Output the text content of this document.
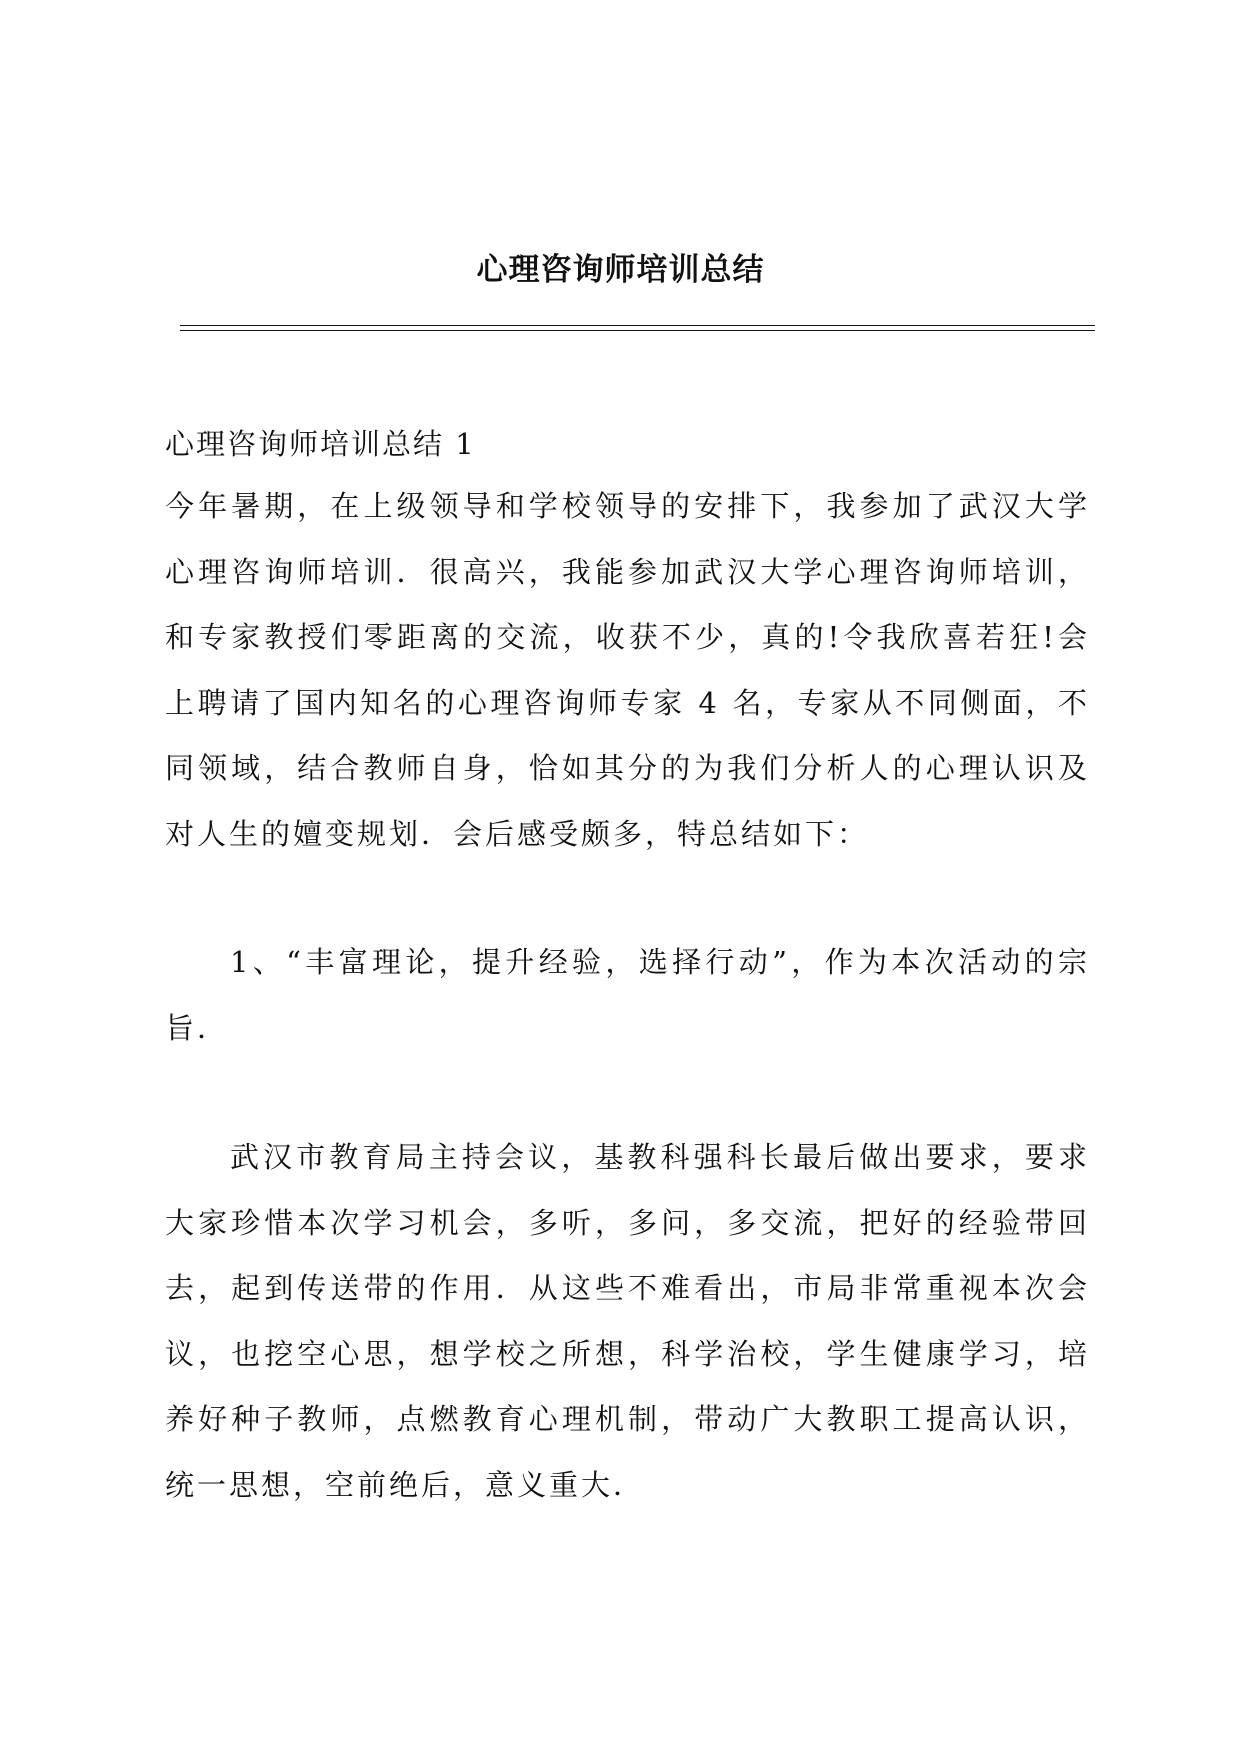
心理咨询师培训总结

心理咨询师培训总结 1

今年暑期，在上级领导和学校领导的安排下，我参加了武汉大学心理咨询师培训．很高兴，我能参加武汉大学心理咨询师培训，和专家教授们零距离的交流，收获不少，真的!令我欣喜若狂!会上聘请了国内知名的心理咨询师专家 4 名，专家从不同侧面，不同领域，结合教师自身，恰如其分的为我们分析人的心理认识及对人生的嬗变规划．会后感受颇多，特总结如下：

1、“丰富理论，提升经验，选择行动”，作为本次活动的宗旨．

武汉市教育局主持会议，基教科强科长最后做出要求，要求大家珍惜本次学习机会，多听，多问，多交流，把好的经验带回去，起到传送带的作用．从这些不难看出，市局非常重视本次会议，也挖空心思，想学校之所想，科学治校，学生健康学习，培养好种子教师，点燃教育心理机制，带动广大教职工提高认识，统一思想，空前绝后，意义重大．
